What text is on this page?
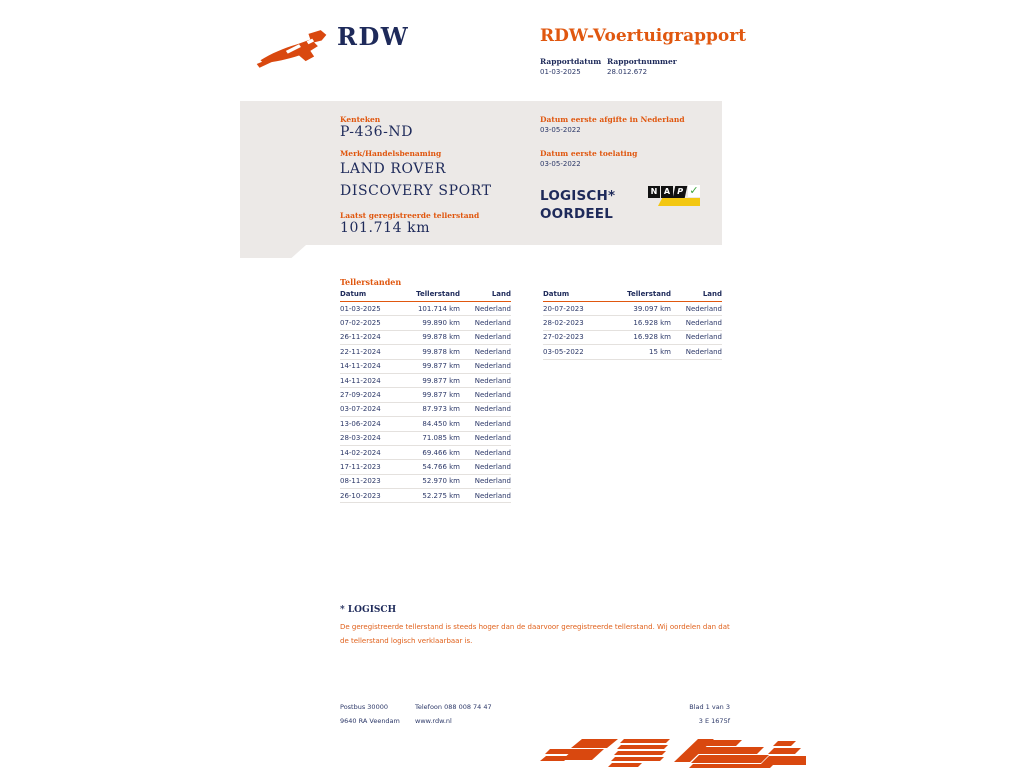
RDW	RDW-Voertuigrapport
Rapportdatum Rapportnummer
01-03-2025	28.012.672
Kenteken
P-436-ND
Merk/Handelsbenaming
LAND ROVER
DISCOVERY SPORT
Laatst geregistreerde tellerstand
101.714 km
Datum eerste afgifte in Nederland
03-05-2022
Datum eerste toelating
03-05-2022
LOGISCH*
OORDEEL
N A P ✓
Tellerstanden
Datum	Tellerstand	Land
01-03-2025	101.714 km	Nederland
07-02-2025	99.890 km	Nederland
26-11-2024	99.878 km	Nederland
22-11-2024	99.878 km	Nederland
14-11-2024	99.877 km	Nederland
14-11-2024	99.877 km	Nederland
27-09-2024	99.877 km	Nederland
03-07-2024	87.973 km	Nederland
13-06-2024	84.450 km	Nederland
28-03-2024	71.085 km	Nederland
14-02-2024	69.466 km	Nederland
17-11-2023	54.766 km	Nederland
08-11-2023	52.970 km	Nederland
26-10-2023	52.275 km	Nederland
Datum	Tellerstand	Land
20-07-2023	39.097 km	Nederland
28-02-2023	16.928 km	Nederland
27-02-2023	16.928 km	Nederland
03-05-2022	15 km	Nederland
* LOGISCH
De geregistreerde tellerstand is steeds hoger dan de daarvoor geregistreerde tellerstand. Wij oordelen dan dat de tellerstand logisch verklaarbaar is.
Postbus 30000
9640 RA Veendam
Telefoon 088 008 74 47
www.rdw.nl
Blad 1 van 3
3 E 1675f
